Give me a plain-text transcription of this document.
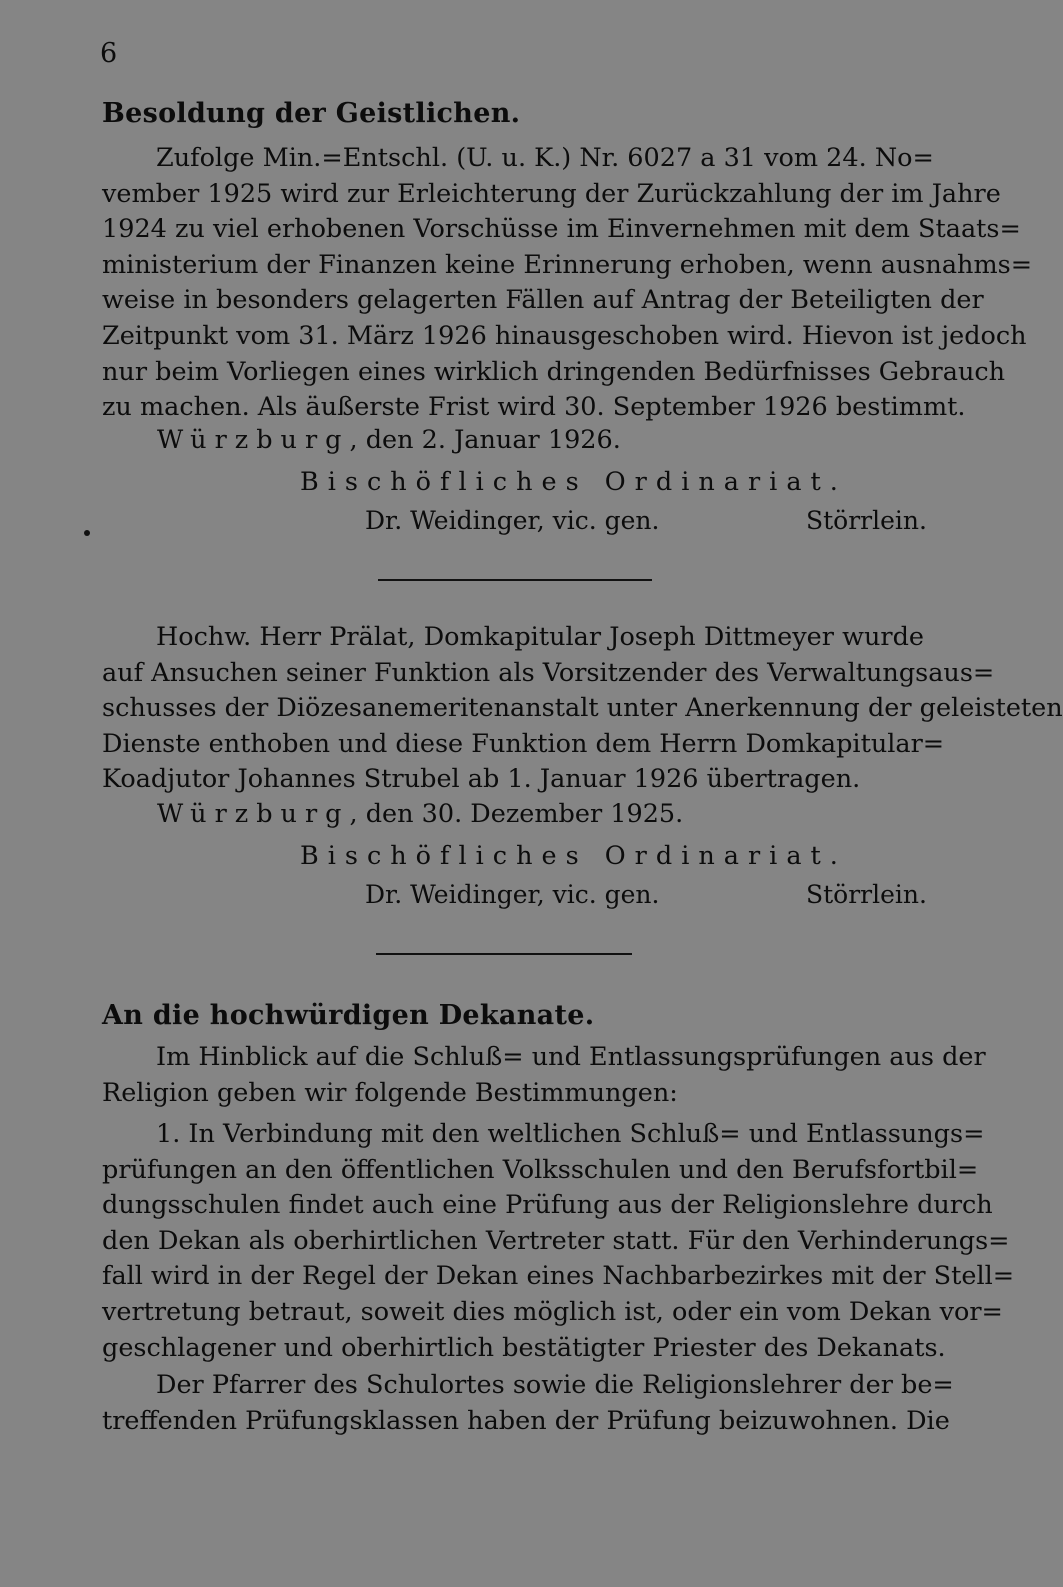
6
Besoldung der Geistlichen.
Zufolge Min.=Entschl. (U. u. K.) Nr. 6027 a 31 vom 24. No=
vember 1925 wird zur Erleichterung der Zurückzahlung der im Jahre
1924 zu viel erhobenen Vorschüsse im Einvernehmen mit dem Staats=
ministerium der Finanzen keine Erinnerung erhoben, wenn ausnahms=
weise in besonders gelagerten Fällen auf Antrag der Beteiligten der
Zeitpunkt vom 31. März 1926 hinausgeschoben wird. Hievon ist jedoch
nur beim Vorliegen eines wirklich dringenden Bedürfnisses Gebrauch
zu machen. Als äußerste Frist wird 30. September 1926 bestimmt.
Würzburg, den 2. Januar 1926.
Bischöfliches Ordinariat.
Dr. Weidinger, vic. gen.	Störrlein.
Hochw. Herr Prälat, Domkapitular Joseph Dittmeyer wurde
auf Ansuchen seiner Funktion als Vorsitzender des Verwaltungsaus=
schusses der Diözesanemeritenanstalt unter Anerkennung der geleisteten
Dienste enthoben und diese Funktion dem Herrn Domkapitular=
Koadjutor Johannes Strubel ab 1. Januar 1926 übertragen.
Würzburg, den 30. Dezember 1925.
Bischöfliches Ordinariat.
Dr. Weidinger, vic. gen.	Störrlein.
An die hochwürdigen Dekanate.
Im Hinblick auf die Schluß= und Entlassungsprüfungen aus der
Religion geben wir folgende Bestimmungen:
1. In Verbindung mit den weltlichen Schluß= und Entlassungs=
prüfungen an den öffentlichen Volksschulen und den Berufsfortbil=
dungsschulen findet auch eine Prüfung aus der Religionslehre durch
den Dekan als oberhirtlichen Vertreter statt. Für den Verhinderungs=
fall wird in der Regel der Dekan eines Nachbarbezirkes mit der Stell=
vertretung betraut, soweit dies möglich ist, oder ein vom Dekan vor=
geschlagener und oberhirtlich bestätigter Priester des Dekanats.
Der Pfarrer des Schulortes sowie die Religionslehrer der be=
treffenden Prüfungsklassen haben der Prüfung beizuwohnen. Die
